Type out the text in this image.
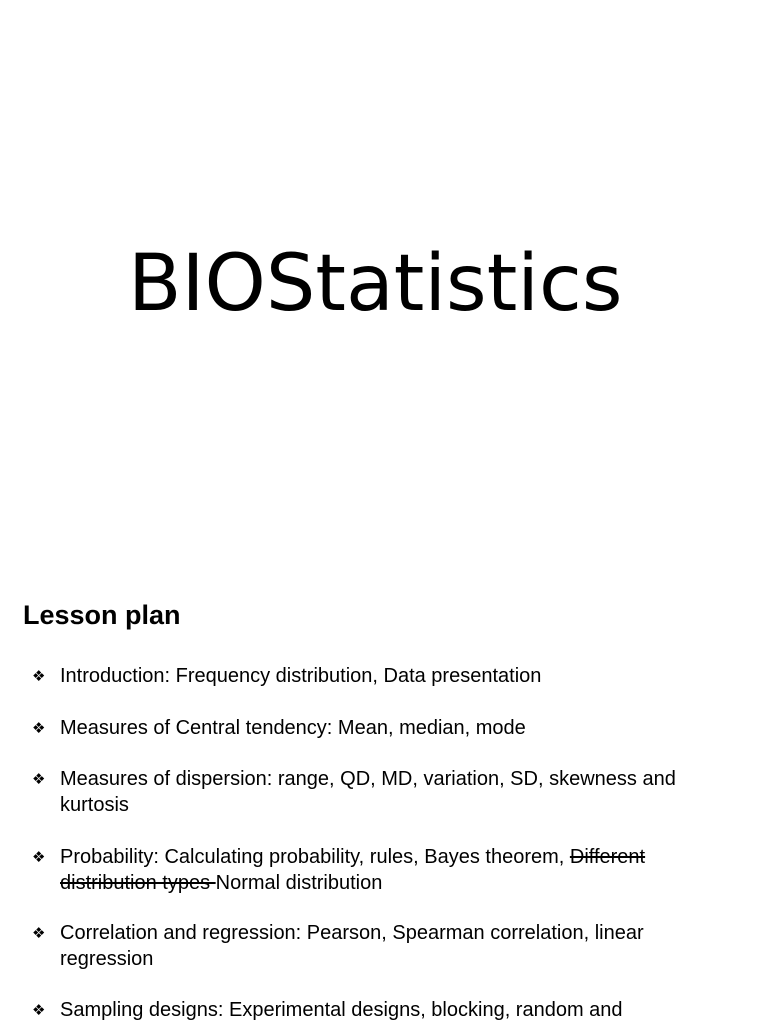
BIOStatistics
Lesson plan
❖ Introduction: Frequency distribution, Data presentation
❖ Measures of Central tendency: Mean, median, mode
❖ Measures of dispersion: range, QD, MD, variation, SD, skewness and kurtosis
❖ Probability: Calculating probability, rules, Bayes theorem, Different distribution types Normal distribution
❖ Correlation and regression: Pearson, Spearman correlation, linear regression
❖ Sampling designs: Experimental designs, blocking, random and
